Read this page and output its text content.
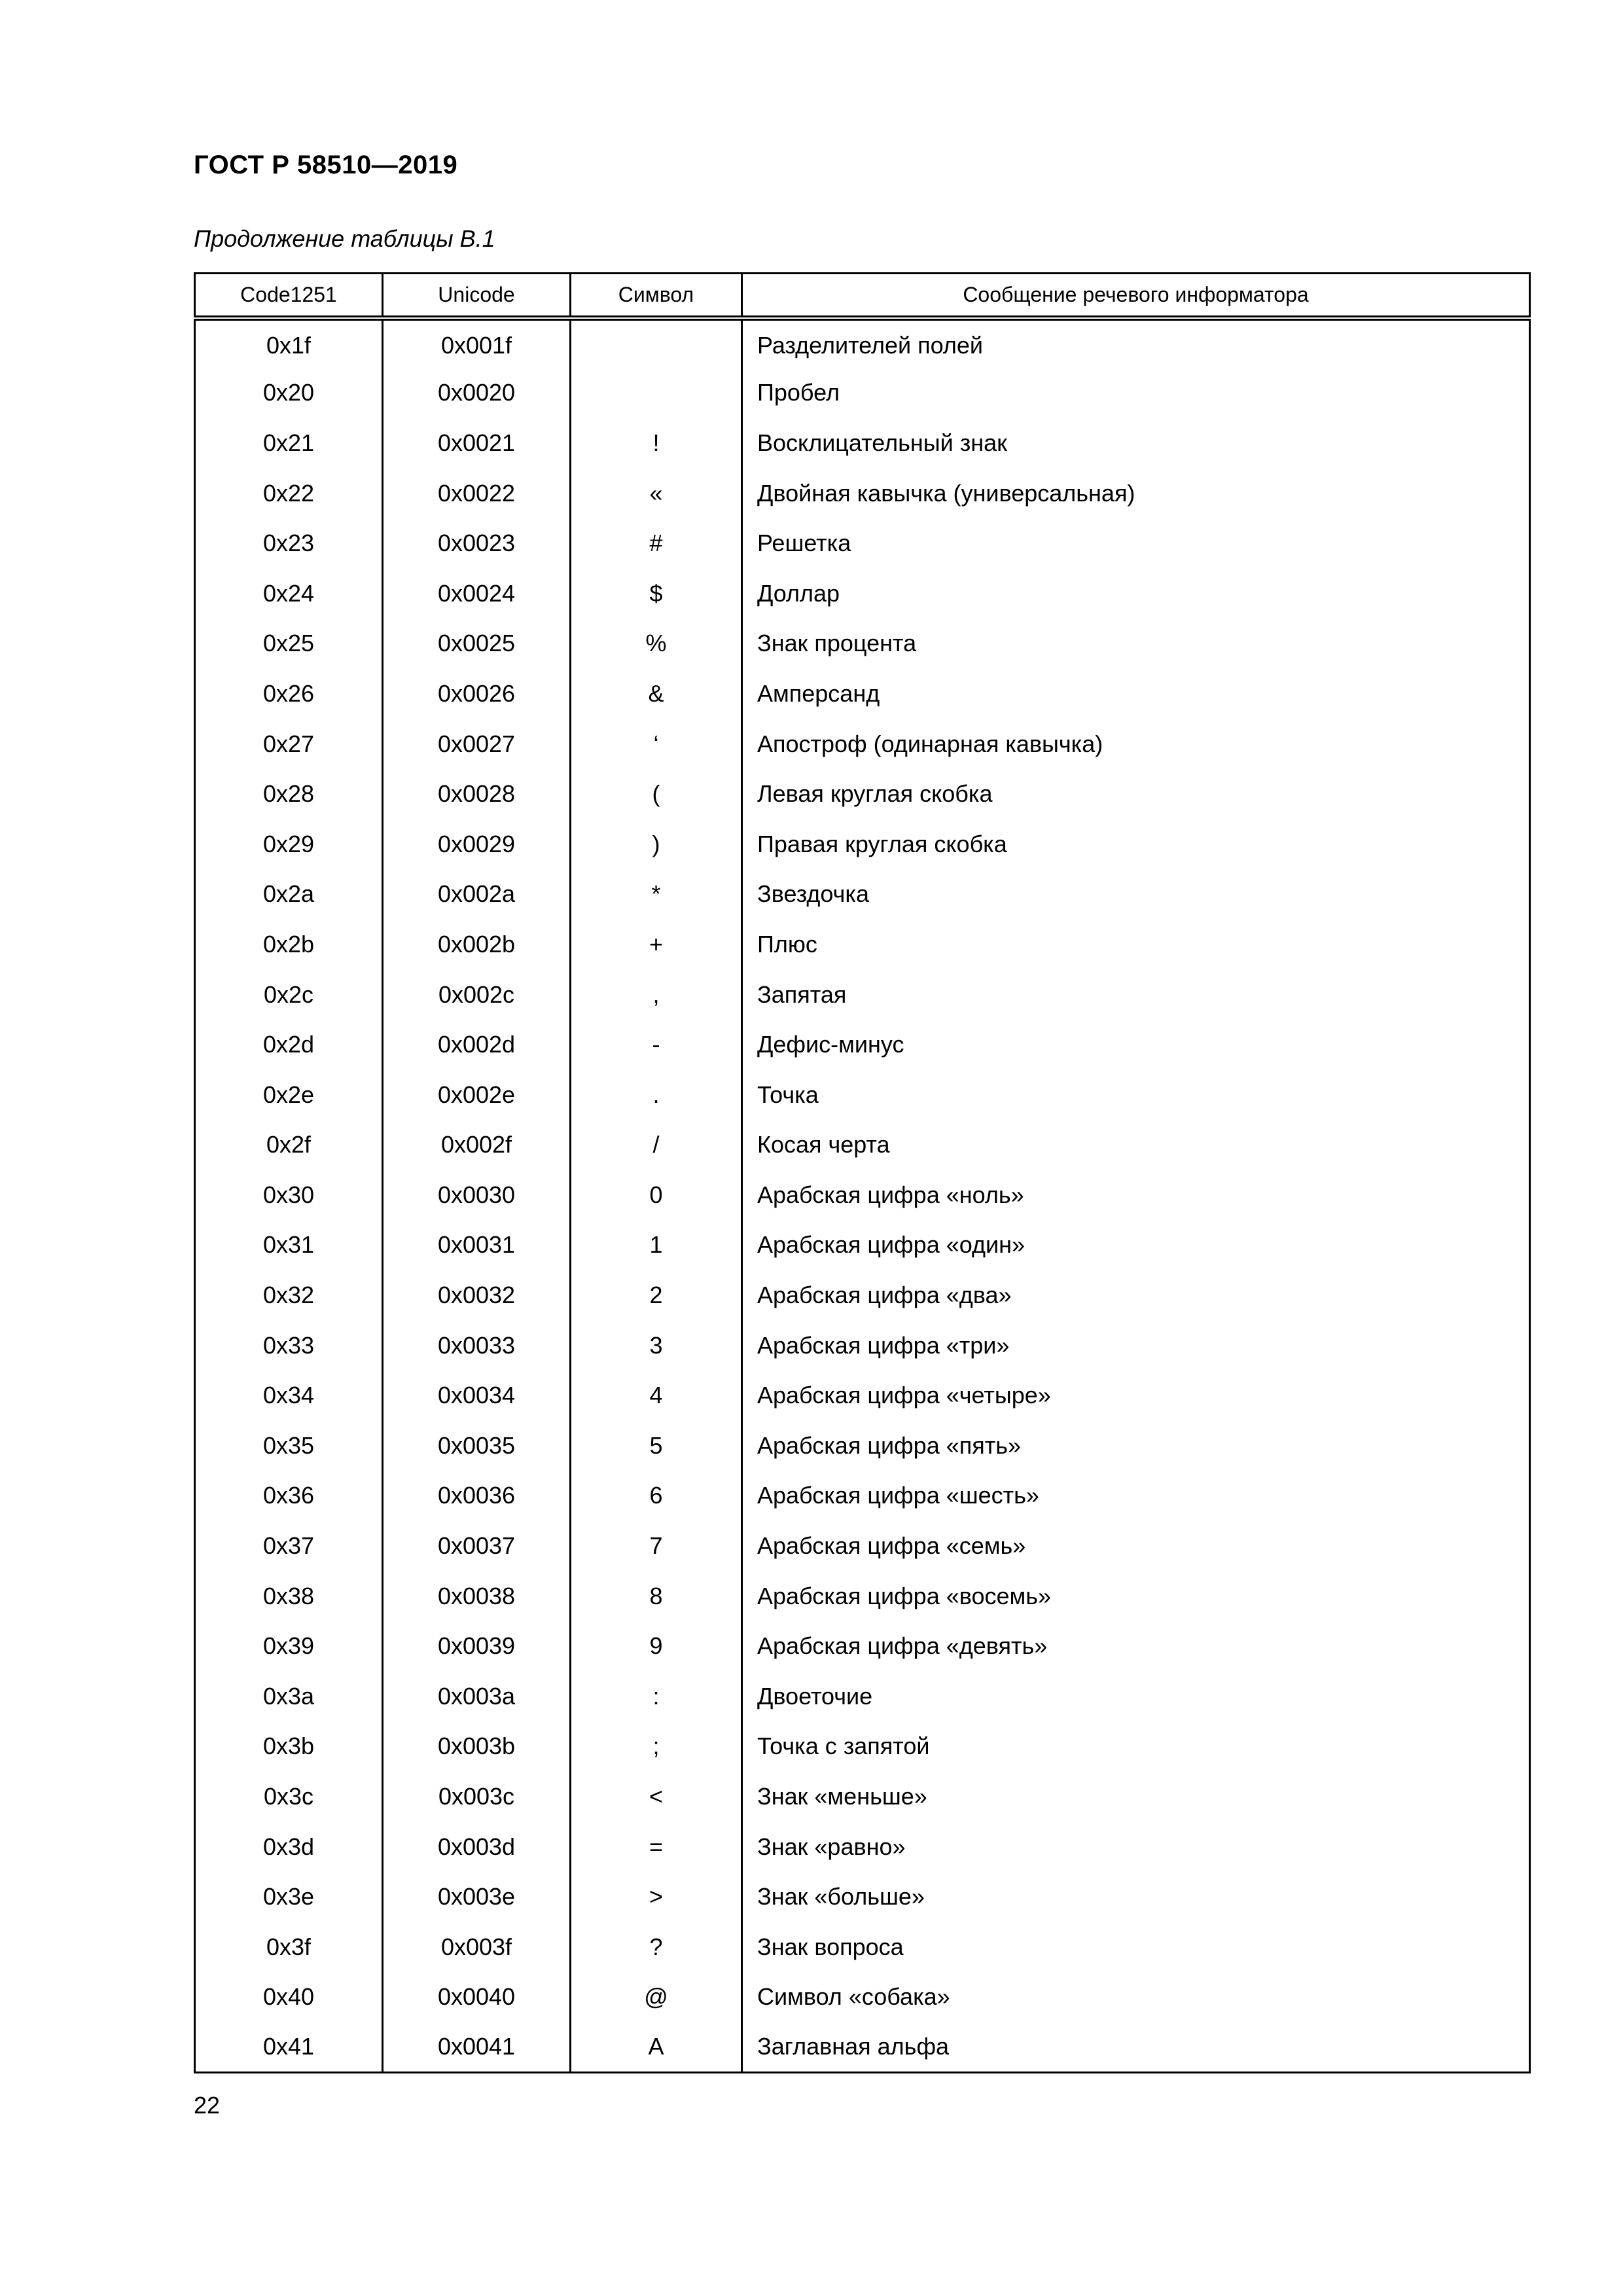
ГОСТ Р 58510—2019
Продолжение таблицы В.1
Code1251	Unicode	Символ	Сообщение речевого информатора
0x1f	0x001f		Разделителей полей
0x20	0x0020		Пробел
0x21	0x0021	!	Восклицательный знак
0x22	0x0022	«	Двойная кавычка (универсальная)
0x23	0x0023	#	Решетка
0x24	0x0024	$	Доллар
0x25	0x0025	%	Знак процента
0x26	0x0026	&	Амперсанд
0x27	0x0027	‘	Апостроф (одинарная кавычка)
0x28	0x0028	(	Левая круглая скобка
0x29	0x0029	)	Правая круглая скобка
0x2a	0x002a	*	Звездочка
0x2b	0x002b	+	Плюс
0x2c	0x002c	,	Запятая
0x2d	0x002d	-	Дефис-минус
0x2e	0x002e	.	Точка
0x2f	0x002f	/	Косая черта
0x30	0x0030	0	Арабская цифра «ноль»
0x31	0x0031	1	Арабская цифра «один»
0x32	0x0032	2	Арабская цифра «два»
0x33	0x0033	3	Арабская цифра «три»
0x34	0x0034	4	Арабская цифра «четыре»
0x35	0x0035	5	Арабская цифра «пять»
0x36	0x0036	6	Арабская цифра «шесть»
0x37	0x0037	7	Арабская цифра «семь»
0x38	0x0038	8	Арабская цифра «восемь»
0x39	0x0039	9	Арабская цифра «девять»
0x3a	0x003a	:	Двоеточие
0x3b	0x003b	;	Точка с запятой
0x3c	0x003c	<	Знак «меньше»
0x3d	0x003d	=	Знак «равно»
0x3e	0x003e	>	Знак «больше»
0x3f	0x003f	?	Знак вопроса
0x40	0x0040	@	Символ «собака»
0x41	0x0041	A	Заглавная альфа
22
